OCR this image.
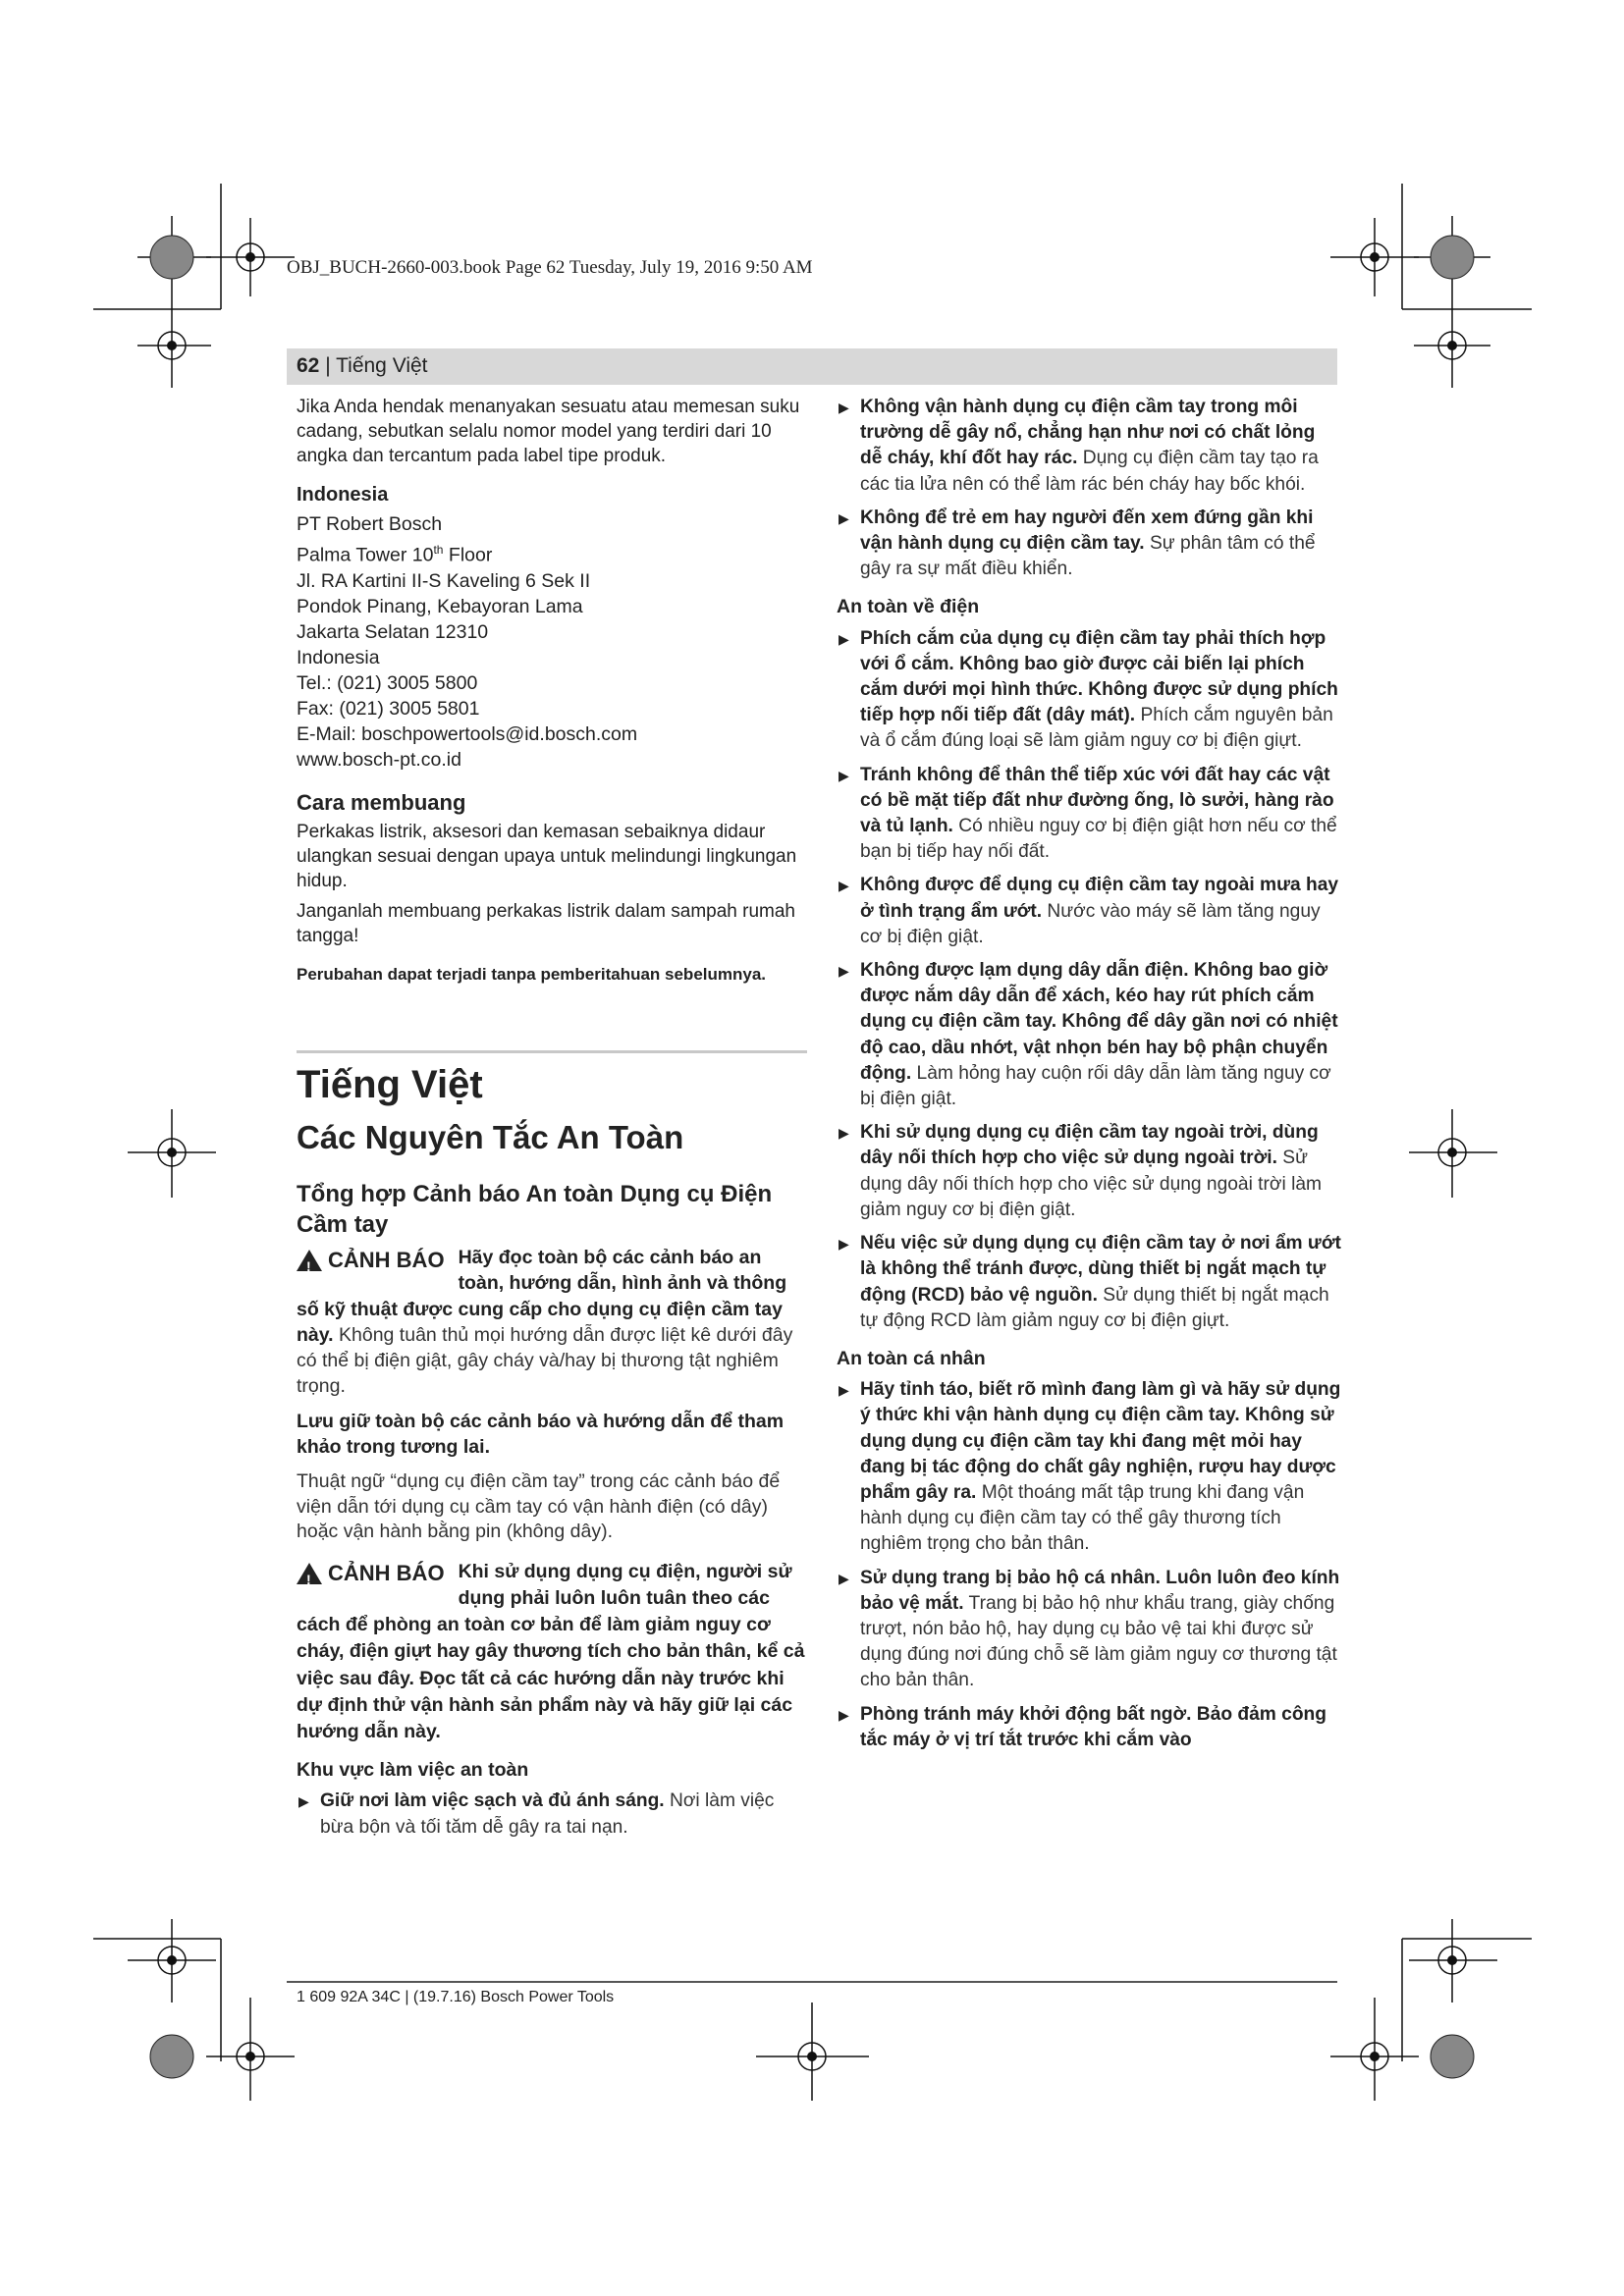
OBJ_BUCH-2660-003.book Page 62 Tuesday, July 19, 2016 9:50 AM
62 | Tiếng Việt

Jika Anda hendak menanyakan sesuatu atau memesan suku cadang, sebutkan selalu nomor model yang terdiri dari 10 angka dan tercantum pada label tipe produk.

Indonesia

PT Robert Bosch
Palma Tower 10th Floor
Jl. RA Kartini II-S Kaveling 6 Sek II
Pondok Pinang, Kebayoran Lama
Jakarta Selatan 12310
Indonesia
Tel.: (021) 3005 5800
Fax: (021) 3005 5801
E-Mail: boschpowertools@id.bosch.com
www.bosch-pt.co.id

Cara membuang

Perkakas listrik, aksesori dan kemasan sebaiknya didaur ulangkan sesuai dengan upaya untuk melindungi lingkungan hidup.

Janganlah membuang perkakas listrik dalam sampah rumah tangga!

Perubahan dapat terjadi tanpa pemberitahuan sebelumnya.

Tiếng Việt

Các Nguyên Tắc An Toàn

Tổng hợp Cảnh báo An toàn Dụng cụ Điện Cầm tay

! CẢNH BÁO Hãy đọc toàn bộ các cảnh báo an toàn, hướng dẫn, hình ảnh và thông số kỹ thuật được cung cấp cho dụng cụ điện cầm tay này. Không tuân thủ mọi hướng dẫn được liệt kê dưới đây có thể bị điện giật, gây cháy và/hay bị thương tật nghiêm trọng.

Lưu giữ toàn bộ các cảnh báo và hướng dẫn để tham khảo trong tương lai.

Thuật ngữ “dụng cụ điện cầm tay” trong các cảnh báo để viện dẫn tới dụng cụ cầm tay có vận hành điện (có dây) hoặc vận hành bằng pin (không dây).

! CẢNH BÁO Khi sử dụng dụng cụ điện, người sử dụng phải luôn luôn tuân theo các cách để phòng an toàn cơ bản để làm giảm nguy cơ cháy, điện giựt hay gây thương tích cho bản thân, kể cả việc sau đây. Đọc tất cả các hướng dẫn này trước khi dự định thử vận hành sản phẩm này và hãy giữ lại các hướng dẫn này.

Khu vực làm việc an toàn

▶ Giữ nơi làm việc sạch và đủ ánh sáng. Nơi làm việc bừa bộn và tối tăm dễ gây ra tai nạn.
▶ Không vận hành dụng cụ điện cầm tay trong môi trường dễ gây nổ, chẳng hạn như nơi có chất lỏng dễ cháy, khí đốt hay rác. Dụng cụ điện cầm tay tạo ra các tia lửa nên có thể làm rác bén cháy hay bốc khói.
▶ Không để trẻ em hay người đến xem đứng gần khi vận hành dụng cụ điện cầm tay. Sự phân tâm có thể gây ra sự mất điều khiển.

An toàn về điện

▶ Phích cắm của dụng cụ điện cầm tay phải thích hợp với ổ cắm. Không bao giờ được cải biến lại phích cắm dưới mọi hình thức. Không được sử dụng phích tiếp hợp nối tiếp đất (dây mát). Phích cắm nguyên bản và ổ cắm đúng loại sẽ làm giảm nguy cơ bị điện giựt.
▶ Tránh không để thân thể tiếp xúc với đất hay các vật có bề mặt tiếp đất như đường ống, lò sưởi, hàng rào và tủ lạnh. Có nhiều nguy cơ bị điện giật hơn nếu cơ thể bạn bị tiếp hay nối đất.
▶ Không được để dụng cụ điện cầm tay ngoài mưa hay ở tình trạng ẩm ướt. Nước vào máy sẽ làm tăng nguy cơ bị điện giật.
▶ Không được lạm dụng dây dẫn điện. Không bao giờ được nắm dây dẫn để xách, kéo hay rút phích cắm dụng cụ điện cầm tay. Không để dây gần nơi có nhiệt độ cao, dầu nhớt, vật nhọn bén hay bộ phận chuyển động. Làm hỏng hay cuộn rối dây dẫn làm tăng nguy cơ bị điện giật.
▶ Khi sử dụng dụng cụ điện cầm tay ngoài trời, dùng dây nối thích hợp cho việc sử dụng ngoài trời. Sử dụng dây nối thích hợp cho việc sử dụng ngoài trời làm giảm nguy cơ bị điện giật.
▶ Nếu việc sử dụng dụng cụ điện cầm tay ở nơi ẩm ướt là không thể tránh được, dùng thiết bị ngắt mạch tự động (RCD) bảo vệ nguồn. Sử dụng thiết bị ngắt mạch tự động RCD làm giảm nguy cơ bị điện giựt.

An toàn cá nhân

▶ Hãy tỉnh táo, biết rõ mình đang làm gì và hãy sử dụng ý thức khi vận hành dụng cụ điện cầm tay. Không sử dụng dụng cụ điện cầm tay khi đang mệt mỏi hay đang bị tác động do chất gây nghiện, rượu hay dược phẩm gây ra. Một thoáng mất tập trung khi đang vận hành dụng cụ điện cầm tay có thể gây thương tích nghiêm trọng cho bản thân.
▶ Sử dụng trang bị bảo hộ cá nhân. Luôn luôn đeo kính bảo vệ mắt. Trang bị bảo hộ như khẩu trang, giày chống trượt, nón bảo hộ, hay dụng cụ bảo vệ tai khi được sử dụng đúng nơi đúng chỗ sẽ làm giảm nguy cơ thương tật cho bản thân.
▶ Phòng tránh máy khởi động bất ngờ. Bảo đảm công tắc máy ở vị trí tắt trước khi cắm vào
1 609 92A 34C | (19.7.16) Bosch Power Tools
